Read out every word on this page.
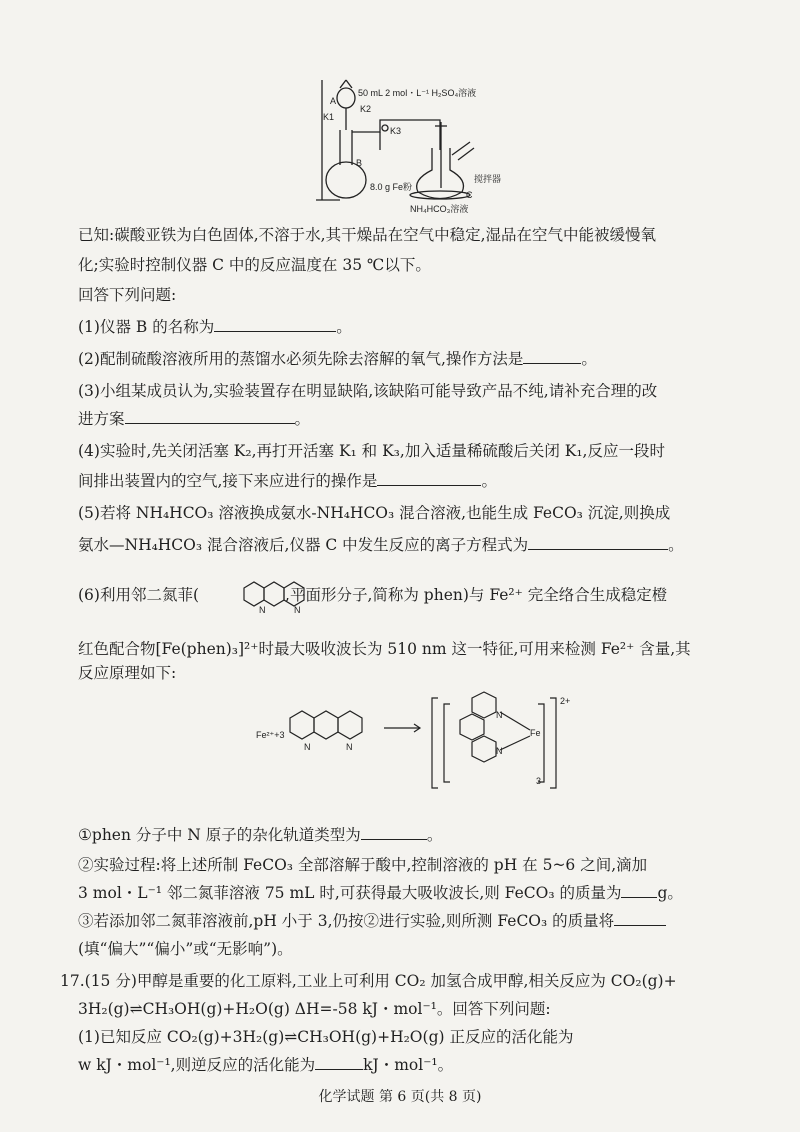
A
K1
K2
K3
B
C
50 mL 2 mol・L⁻¹ H₂SO₄溶液
8.0 g Fe粉
搅拌器
NH₄HCO₃溶液
已知:碳酸亚铁为白色固体,不溶于水,其干燥品在空气中稳定,湿品在空气中能被缓慢氧
化;实验时控制仪器 C 中的反应温度在 35 ℃以下。
回答下列问题:
(1)仪器 B 的名称为	。
(2)配制硫酸溶液所用的蒸馏水必须先除去溶解的氧气,操作方法是	。
(3)小组某成员认为,实验装置存在明显缺陷,该缺陷可能导致产品不纯,请补充合理的改
进方案	。
(4)实验时,先关闭活塞 K₂,再打开活塞 K₁ 和 K₃,加入适量稀硫酸后关闭 K₁,反应一段时
间排出装置内的空气,接下来应进行的操作是	。
(5)若将 NH₄HCO₃ 溶液换成氨水-NH₄HCO₃ 混合溶液,也能生成 FeCO₃ 沉淀,则换成
氨水—NH₄HCO₃ 混合溶液后,仪器 C 中发生反应的离子方程式为	。
(6)利用邻二氮菲(	,平面形分子,简称为 phen)与 Fe²⁺ 完全络合生成稳定橙
N	N
红色配合物[Fe(phen)₃]²⁺时最大吸收波长为 510 nm 这一特征,可用来检测 Fe²⁺ 含量,其
反应原理如下:
Fe²⁺+3
N	N
N
N
Fe
3
2+
①phen 分子中 N 原子的杂化轨道类型为	。
②实验过程:将上述所制 FeCO₃ 全部溶解于酸中,控制溶液的 pH 在 5~6 之间,滴加
3 mol・L⁻¹ 邻二氮菲溶液 75 mL 时,可获得最大吸收波长,则 FeCO₃ 的质量为 g。
③若添加邻二氮菲溶液前,pH 小于 3,仍按②进行实验,则所测 FeCO₃ 的质量将
(填“偏大”“偏小”或“无影响”)。
17.(15 分)甲醇是重要的化工原料,工业上可利用 CO₂ 加氢合成甲醇,相关反应为 CO₂(g)+
3H₂(g)⇌CH₃OH(g)+H₂O(g) ΔH=-58 kJ・mol⁻¹。回答下列问题:
(1)已知反应 CO₂(g)+3H₂(g)⇌CH₃OH(g)+H₂O(g) 正反应的活化能为
w kJ・mol⁻¹,则逆反应的活化能为	kJ・mol⁻¹。
化学试题 第 6 页(共 8 页)
